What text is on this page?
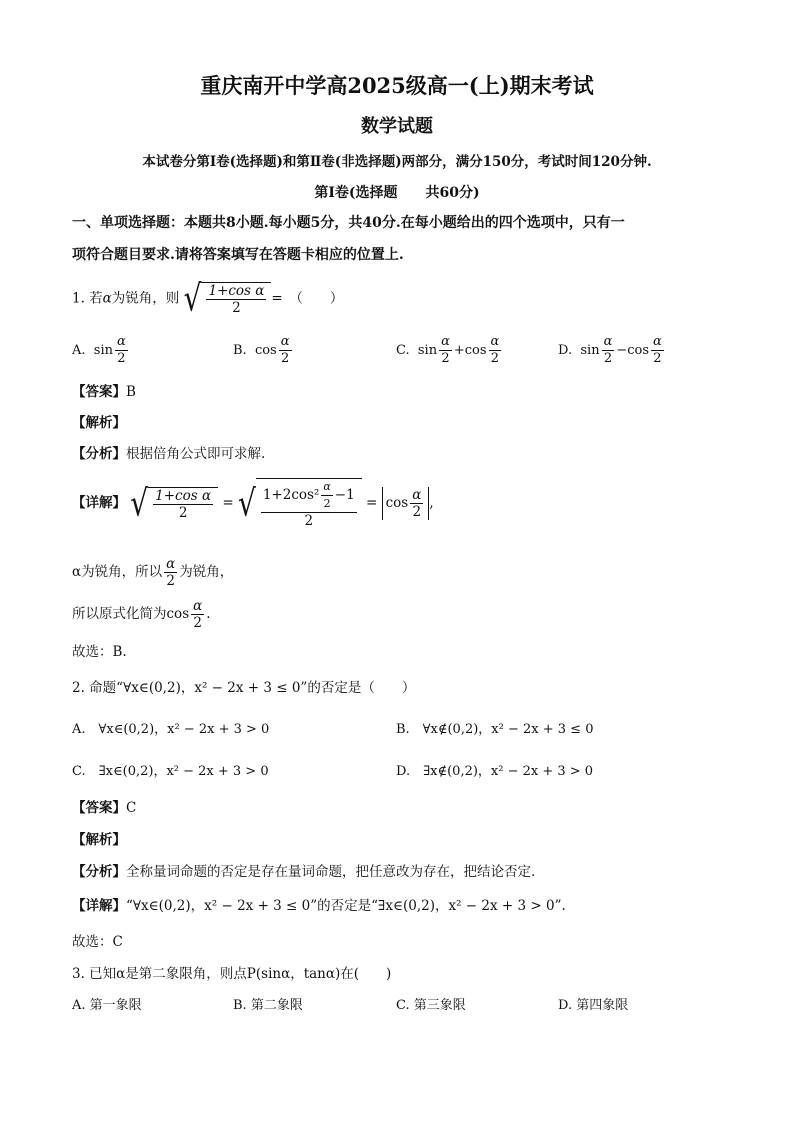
重庆南开中学高2025级高一(上)期末考试
数学试题
本试卷分第Ⅰ卷(选择题)和第Ⅱ卷(非选择题)两部分，满分150分，考试时间120分钟.
第Ⅰ卷(选择题　　共60分)
一、单项选择题：本题共8小题.每小题5分，共40分.在每小题给出的四个选项中，只有一
项符合题目要求.请将答案填写在答题卡相应的位置上.
1. 若α为锐角，则 √ $\frac{\text{1+cos α}}{2}$ =　（　　）
A. $\sin \frac{\alpha}{2}$	B. $\cos \frac{\alpha}{2}$	C. $\sin \frac{\alpha}{2} +\cos \frac{\alpha}{2}$	D. $\sin \frac{\alpha}{2} -\cos \frac{\alpha}{2}$
【答案】B
【解析】
【分析】根据倍角公式即可求解.
【详解】 √ $\frac{\text{1+cos α}}{2}$ = √ $\frac{1+2\cos^2 \frac{\alpha}{2} -1}{2} = \cos \frac{\alpha}{2}$ ,
α为锐角，所以 $\frac{\alpha}{2}$ 为锐角，
所以原式化简为$\cos \frac{\alpha}{2}$ .
故选：B.
2. 命题“∀x∈(0,2)，x² − 2x + 3 ≤ 0”的否定是（　　）
A.　∀x∈(0,2)，x² − 2x + 3 > 0	B.　∀x∉(0,2)，x² − 2x + 3 ≤ 0
C.　∃x∈(0,2)，x² − 2x + 3 > 0	D.　∃x∉(0,2)，x² − 2x + 3 > 0
【答案】C
【解析】
【分析】全称量词命题的否定是存在量词命题，把任意改为存在，把结论否定.
【详解】“∀x∈(0,2)，x² − 2x + 3 ≤ 0”的否定是“∃x∈(0,2)，x² − 2x + 3 > 0”.
故选：C
3. 已知α是第二象限角，则点P(sinα，tanα)在(　　)
A. 第一象限	B. 第二象限	C. 第三象限	D. 第四象限
